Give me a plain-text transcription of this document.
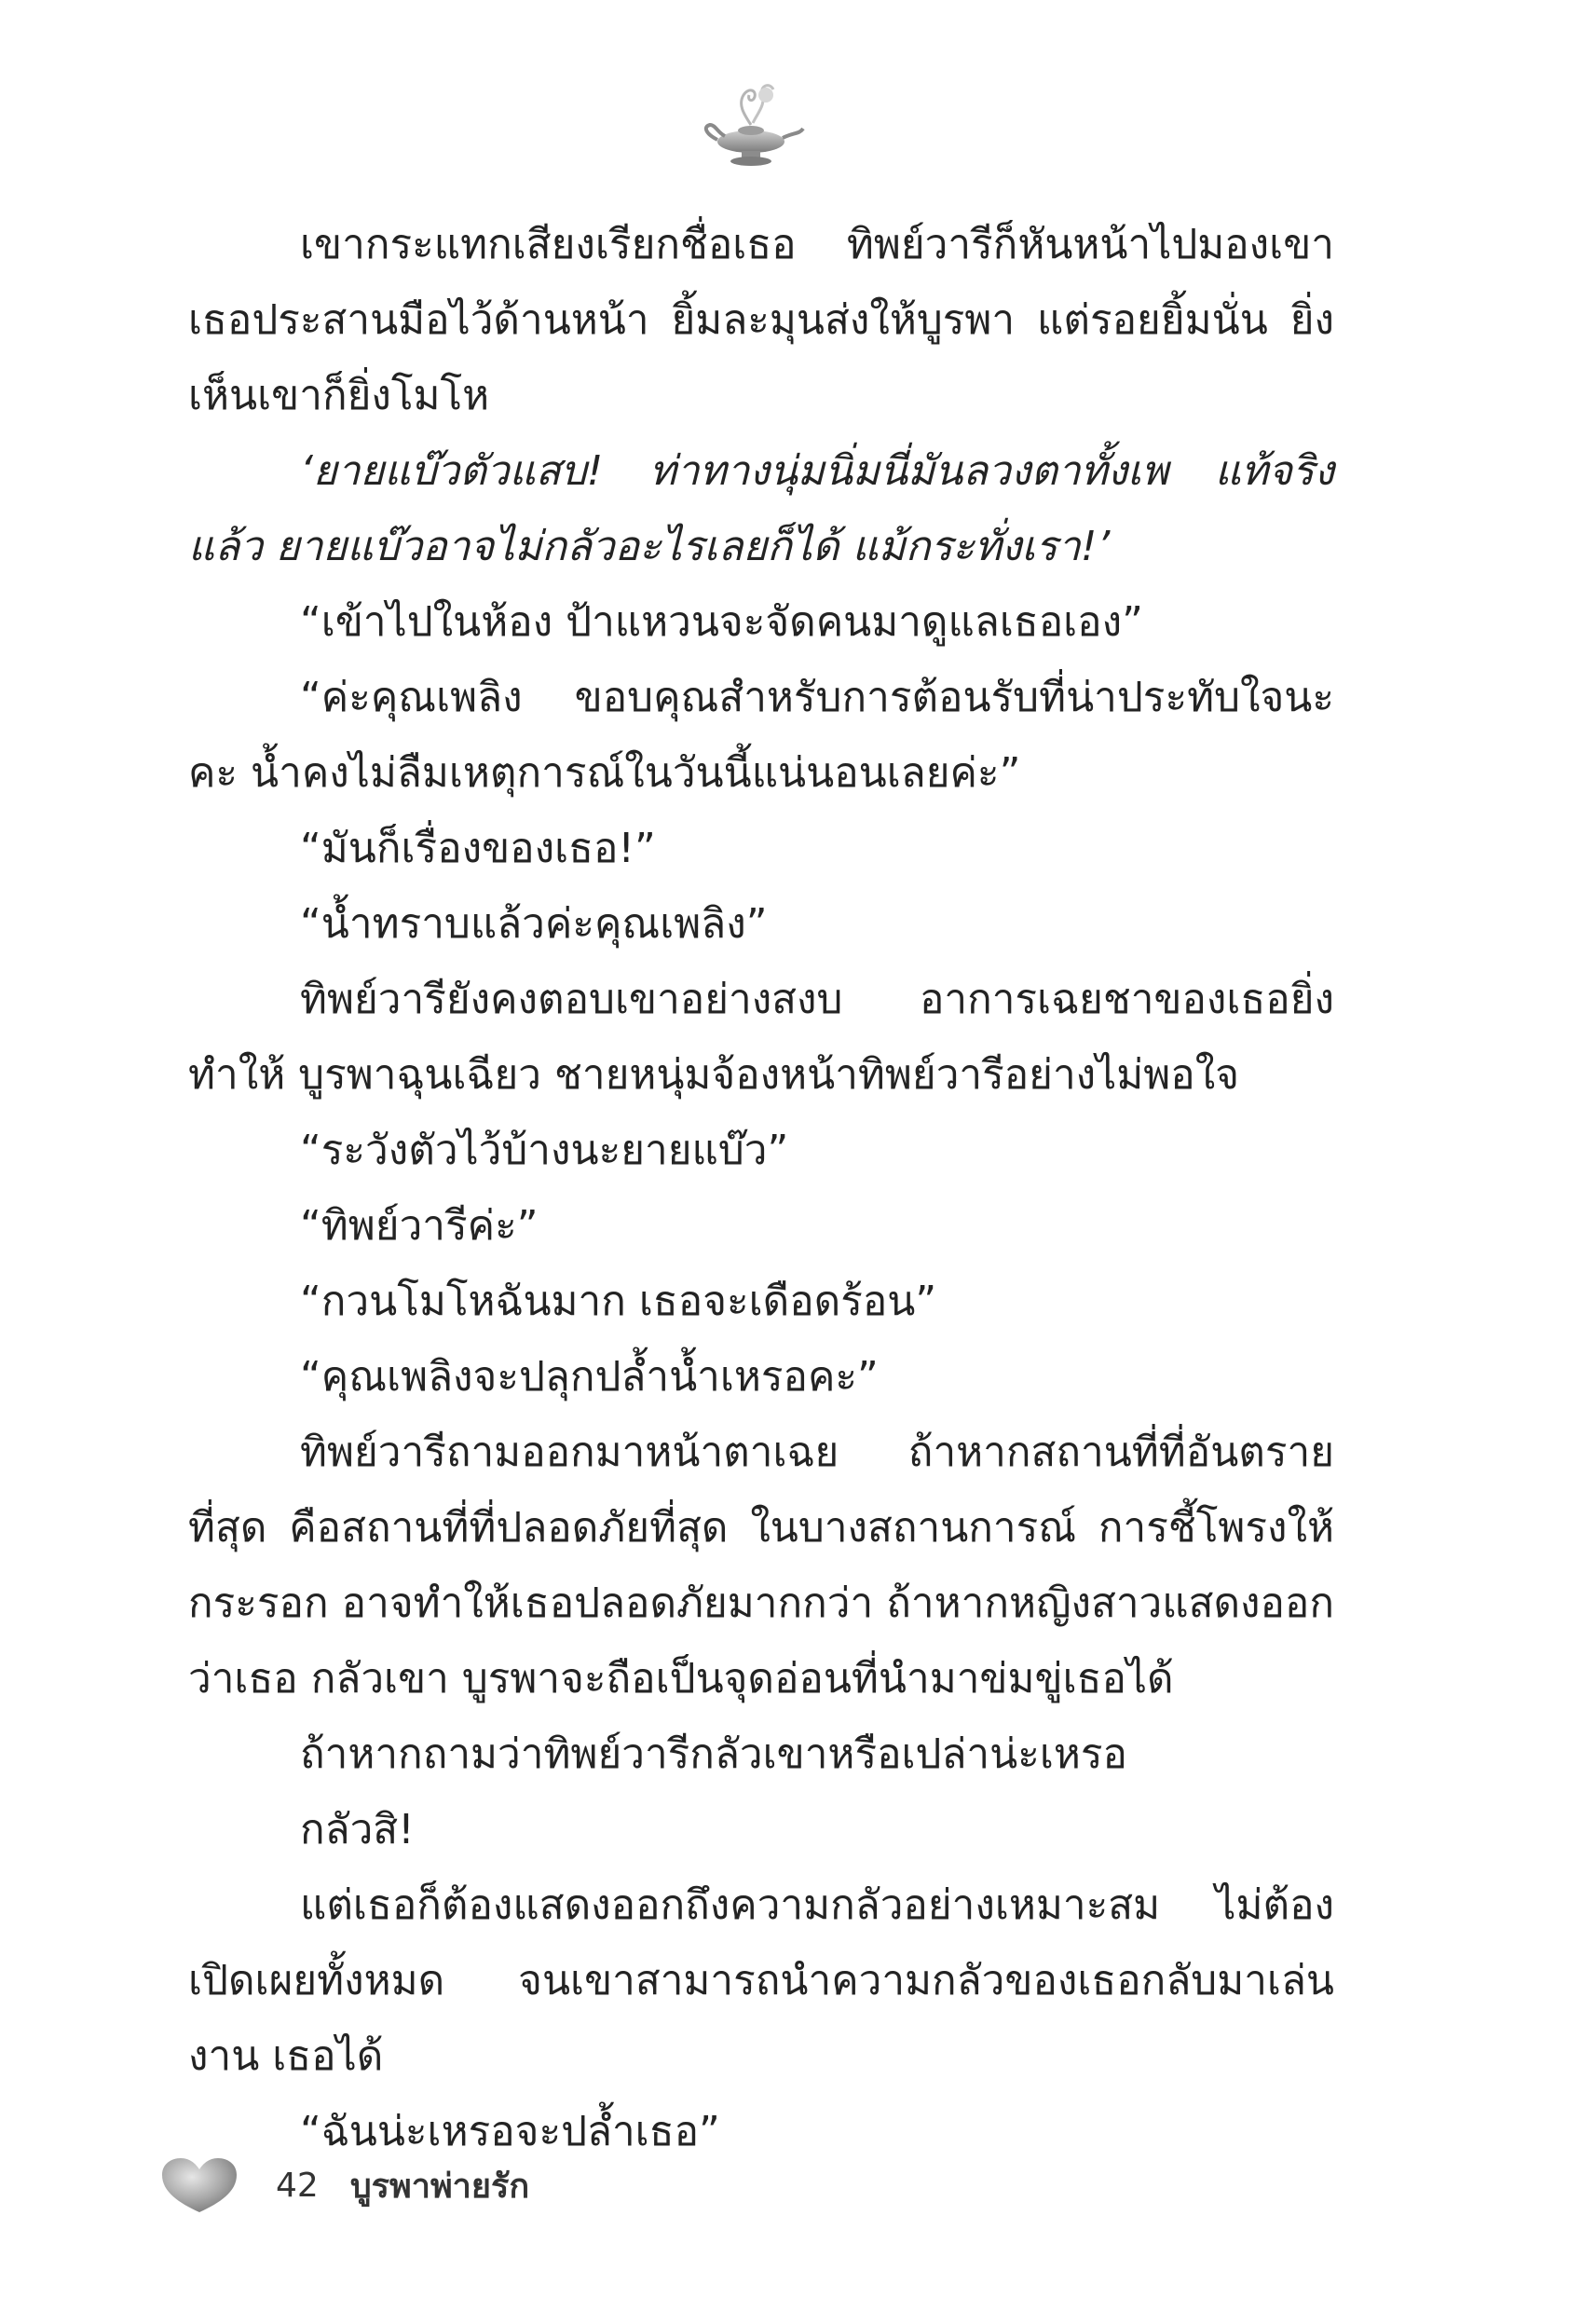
เขากระแทกเสียงเรียกชื่อเธอ ทิพย์วารีก็หันหน้าไปมองเขา เธอประสานมือไว้ด้านหน้า ยิ้มละมุนส่งให้บูรพา แต่รอยยิ้มนั่น ยิ่งเห็นเขาก็ยิ่งโมโห

‘ยายแบ๊วตัวแสบ! ท่าทางนุ่มนิ่มนี่มันลวงตาทั้งเพ แท้จริงแล้ว ยายแบ๊วอาจไม่กลัวอะไรเลยก็ได้ แม้กระทั่งเรา!’

“เข้าไปในห้อง ป้าแหวนจะจัดคนมาดูแลเธอเอง”

“ค่ะคุณเพลิง ขอบคุณสำหรับการต้อนรับที่น่าประทับใจนะคะ น้ำคงไม่ลืมเหตุการณ์ในวันนี้แน่นอนเลยค่ะ”

“มันก็เรื่องของเธอ!”

“น้ำทราบแล้วค่ะคุณเพลิง”

ทิพย์วารียังคงตอบเขาอย่างสงบ อาการเฉยชาของเธอยิ่งทำให้ บูรพาฉุนเฉียว ชายหนุ่มจ้องหน้าทิพย์วารีอย่างไม่พอใจ

“ระวังตัวไว้บ้างนะยายแบ๊ว”

“ทิพย์วารีค่ะ”

“กวนโมโหฉันมาก เธอจะเดือดร้อน”

“คุณเพลิงจะปลุกปล้ำน้ำเหรอคะ”

ทิพย์วารีถามออกมาหน้าตาเฉย ถ้าหากสถานที่ที่อันตรายที่สุด คือสถานที่ที่ปลอดภัยที่สุด ในบางสถานการณ์ การชี้โพรงให้กระรอก อาจทำให้เธอปลอดภัยมากกว่า ถ้าหากหญิงสาวแสดงออกว่าเธอ กลัวเขา บูรพาจะถือเป็นจุดอ่อนที่นำมาข่มขู่เธอได้

ถ้าหากถามว่าทิพย์วารีกลัวเขาหรือเปล่าน่ะเหรอ

กลัวสิ!

แต่เธอก็ต้องแสดงออกถึงความกลัวอย่างเหมาะสม ไม่ต้อง เปิดเผยทั้งหมด จนเขาสามารถนำความกลัวของเธอกลับมาเล่นงาน เธอได้

“ฉันน่ะเหรอจะปล้ำเธอ”

42 บูรพาพ่ายรัก
